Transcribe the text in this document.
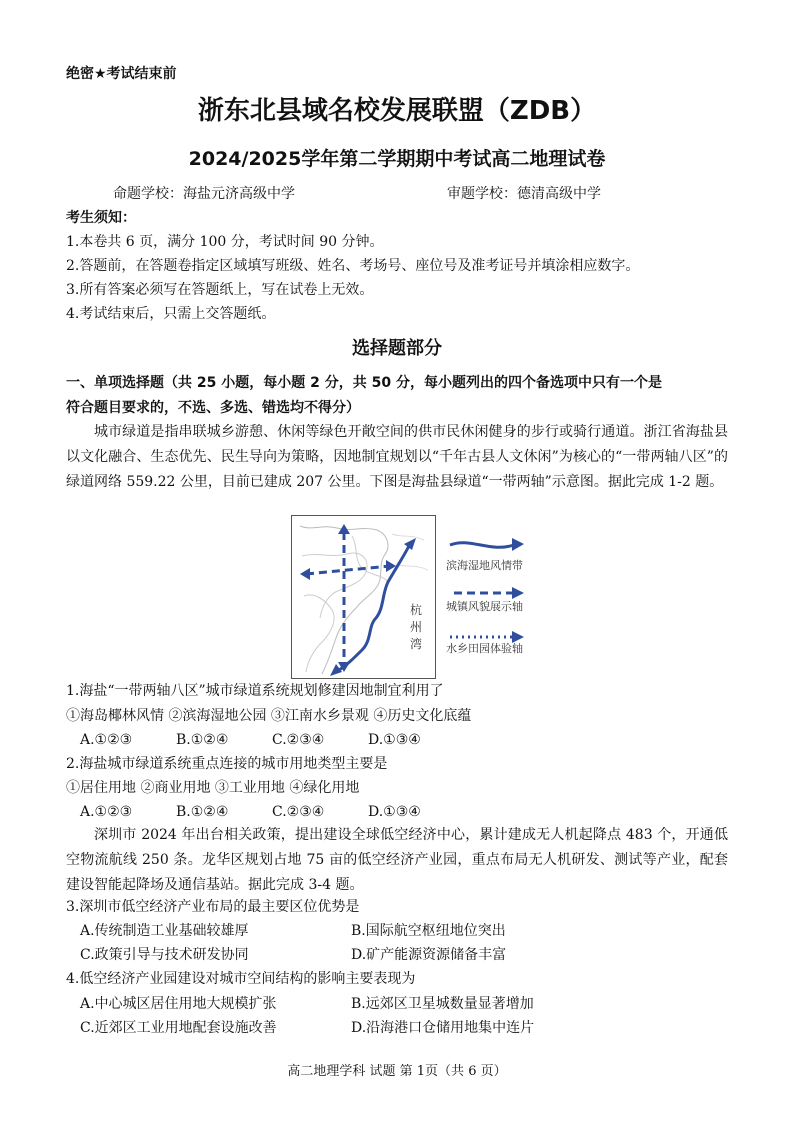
绝密★考试结束前
浙东北县域名校发展联盟（ZDB）
2024/2025学年第二学期期中考试高二地理试卷
命题学校：海盐元济高级中学	审题学校：德清高级中学
考生须知：
1.本卷共 6 页，满分 100 分，考试时间 90 分钟。
2.答题前，在答题卷指定区域填写班级、姓名、考场号、座位号及准考证号并填涂相应数字。
3.所有答案必须写在答题纸上，写在试卷上无效。
4.考试结束后，只需上交答题纸。
选择题部分
一、单项选择题（共 25 小题，每小题 2 分，共 50 分，每小题列出的四个备选项中只有一个是
符合题目要求的，不选、多选、错选均不得分）
城市绿道是指串联城乡游憩、休闲等绿色开敞空间的供市民休闲健身的步行或骑行通道。浙江省海盐县以文化融合、生态优先、民生导向为策略，因地制宜规划以“千年古县人文休闲”为核心的“一带两轴八区”的绿道网络 559.22 公里，目前已建成 207 公里。下图是海盐县绿道“一带两轴”示意图。据此完成 1-2 题。
杭
州
湾
滨海湿地风情带
城镇风貌展示轴
水乡田园体验轴
1.海盐“一带两轴八区”城市绿道系统规划修建因地制宜利用了
①海岛椰林风情 ②滨海湿地公园 ③江南水乡景观 ④历史文化底蕴
A.①②③	B.①②④	C.②③④	D.①③④
2.海盐城市绿道系统重点连接的城市用地类型主要是
①居住用地 ②商业用地 ③工业用地 ④绿化用地
A.①②③	B.①②④	C.②③④	D.①③④
深圳市 2024 年出台相关政策，提出建设全球低空经济中心，累计建成无人机起降点 483 个，开通低空物流航线 250 条。龙华区规划占地 75 亩的低空经济产业园，重点布局无人机研发、测试等产业，配套建设智能起降场及通信基站。据此完成 3-4 题。
3.深圳市低空经济产业布局的最主要区位优势是
A.传统制造工业基础较雄厚	B.国际航空枢纽地位突出
C.政策引导与技术研发协同	D.矿产能源资源储备丰富
4.低空经济产业园建设对城市空间结构的影响主要表现为
A.中心城区居住用地大规模扩张	B.远郊区卫星城数量显著增加
C.近郊区工业用地配套设施改善	D.沿海港口仓储用地集中连片
高二地理学科 试题 第 1页（共 6 页）
